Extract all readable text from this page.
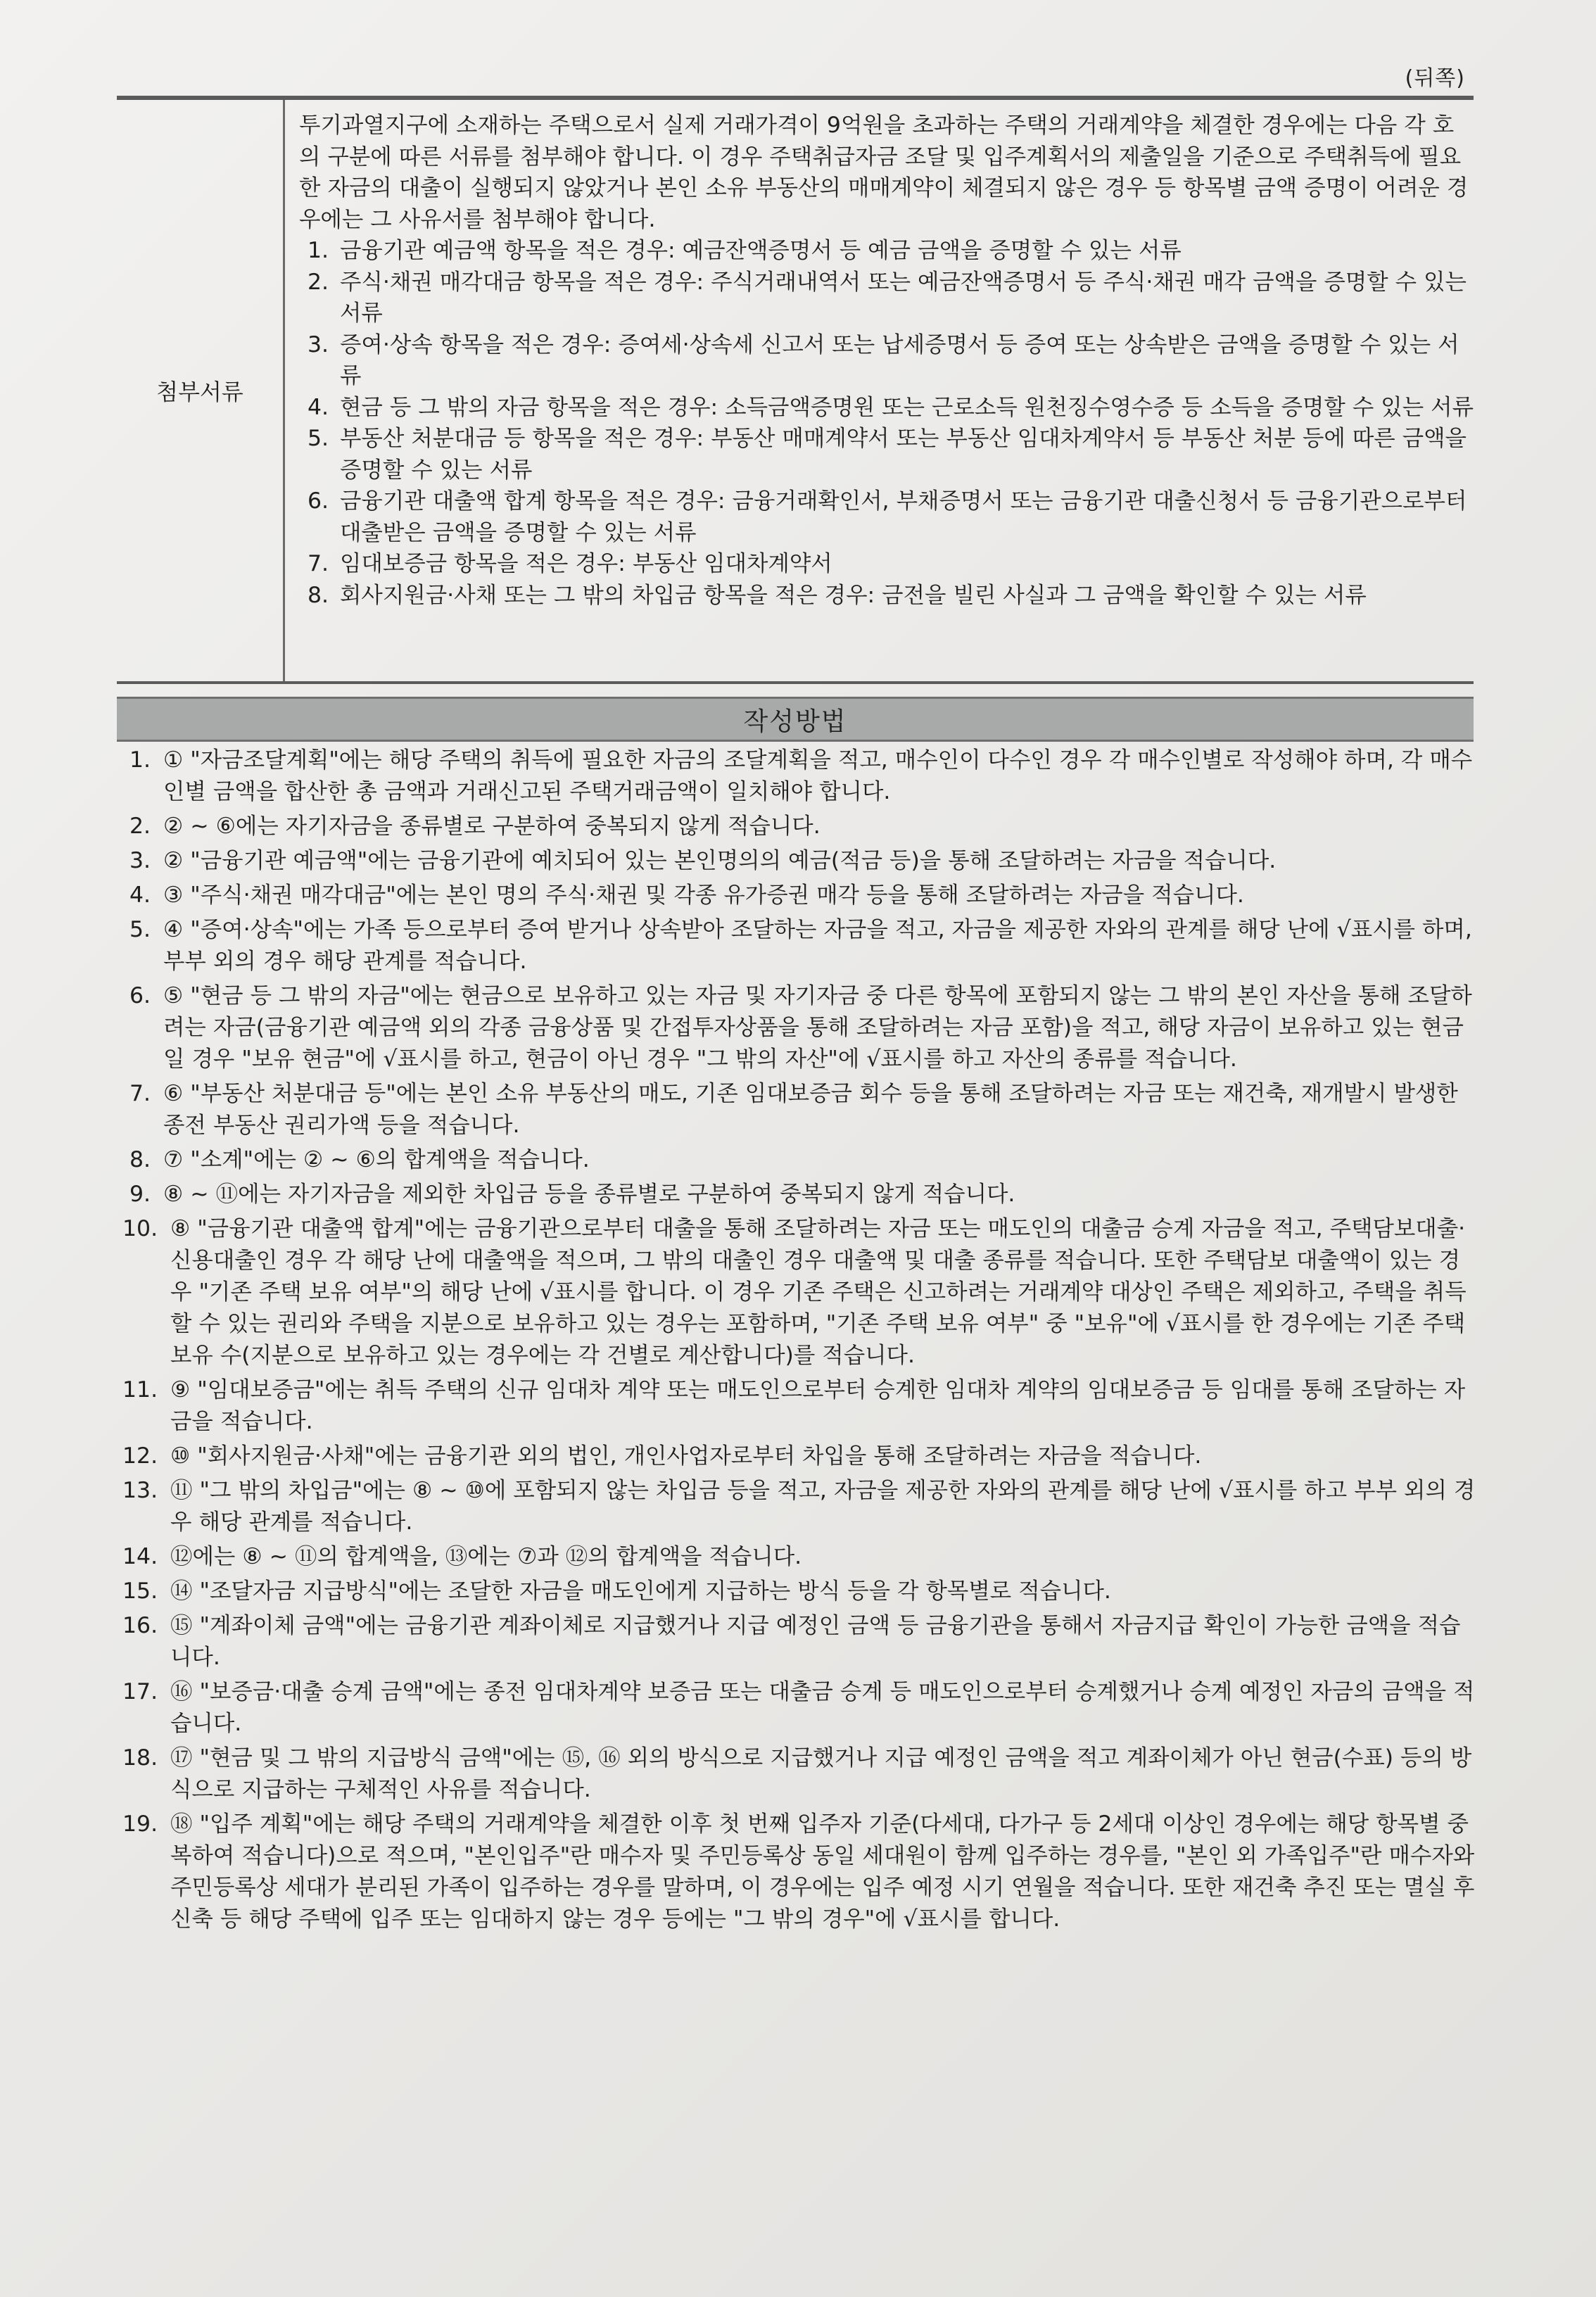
(뒤쪽)
첨부서류

투기과열지구에 소재하는 주택으로서 실제 거래가격이 9억원을 초과하는 주택의 거래계약을 체결한 경우에는 다음 각 호의 구분에 따른 서류를 첨부해야 합니다. 이 경우 주택취급자금 조달 및 입주계획서의 제출일을 기준으로 주택취득에 필요한 자금의 대출이 실행되지 않았거나 본인 소유 부동산의 매매계약이 체결되지 않은 경우 등 항목별 금액 증명이 어려운 경우에는 그 사유서를 첨부해야 합니다.

1. 금융기관 예금액 항목을 적은 경우: 예금잔액증명서 등 예금 금액을 증명할 수 있는 서류
2. 주식·채권 매각대금 항목을 적은 경우: 주식거래내역서 또는 예금잔액증명서 등 주식·채권 매각 금액을 증명할 수 있는 서류
3. 증여·상속 항목을 적은 경우: 증여세·상속세 신고서 또는 납세증명서 등 증여 또는 상속받은 금액을 증명할 수 있는 서류
4. 현금 등 그 밖의 자금 항목을 적은 경우: 소득금액증명원 또는 근로소득 원천징수영수증 등 소득을 증명할 수 있는 서류
5. 부동산 처분대금 등 항목을 적은 경우: 부동산 매매계약서 또는 부동산 임대차계약서 등 부동산 처분 등에 따른 금액을 증명할 수 있는 서류
6. 금융기관 대출액 합계 항목을 적은 경우: 금융거래확인서, 부채증명서 또는 금융기관 대출신청서 등 금융기관으로부터 대출받은 금액을 증명할 수 있는 서류
7. 임대보증금 항목을 적은 경우: 부동산 임대차계약서
8. 회사지원금·사채 또는 그 밖의 차입금 항목을 적은 경우: 금전을 빌린 사실과 그 금액을 확인할 수 있는 서류
작성방법
1. ① "자금조달계획"에는 해당 주택의 취득에 필요한 자금의 조달계획을 적고, 매수인이 다수인 경우 각 매수인별로 작성해야 하며, 각 매수인별 금액을 합산한 총 금액과 거래신고된 주택거래금액이 일치해야 합니다.
2. ② ~ ⑥에는 자기자금을 종류별로 구분하여 중복되지 않게 적습니다.
3. ② "금융기관 예금액"에는 금융기관에 예치되어 있는 본인명의의 예금(적금 등)을 통해 조달하려는 자금을 적습니다.
4. ③ "주식·채권 매각대금"에는 본인 명의 주식·채권 및 각종 유가증권 매각 등을 통해 조달하려는 자금을 적습니다.
5. ④ "증여·상속"에는 가족 등으로부터 증여 받거나 상속받아 조달하는 자금을 적고, 자금을 제공한 자와의 관계를 해당 난에 √표시를 하며, 부부 외의 경우 해당 관계를 적습니다.
6. ⑤ "현금 등 그 밖의 자금"에는 현금으로 보유하고 있는 자금 및 자기자금 중 다른 항목에 포함되지 않는 그 밖의 본인 자산을 통해 조달하려는 자금(금융기관 예금액 외의 각종 금융상품 및 간접투자상품을 통해 조달하려는 자금 포함)을 적고, 해당 자금이 보유하고 있는 현금일 경우 "보유 현금"에 √표시를 하고, 현금이 아닌 경우 "그 밖의 자산"에 √표시를 하고 자산의 종류를 적습니다.
7. ⑥ "부동산 처분대금 등"에는 본인 소유 부동산의 매도, 기존 임대보증금 회수 등을 통해 조달하려는 자금 또는 재건축, 재개발시 발생한 종전 부동산 권리가액 등을 적습니다.
8. ⑦ "소계"에는 ② ~ ⑥의 합계액을 적습니다.
9. ⑧ ~ ⑪에는 자기자금을 제외한 차입금 등을 종류별로 구분하여 중복되지 않게 적습니다.
10. ⑧ "금융기관 대출액 합계"에는 금융기관으로부터 대출을 통해 조달하려는 자금 또는 매도인의 대출금 승계 자금을 적고, 주택담보대출·신용대출인 경우 각 해당 난에 대출액을 적으며, 그 밖의 대출인 경우 대출액 및 대출 종류를 적습니다. 또한 주택담보 대출액이 있는 경우 "기존 주택 보유 여부"의 해당 난에 √표시를 합니다. 이 경우 기존 주택은 신고하려는 거래계약 대상인 주택은 제외하고, 주택을 취득할 수 있는 권리와 주택을 지분으로 보유하고 있는 경우는 포함하며, "기존 주택 보유 여부" 중 "보유"에 √표시를 한 경우에는 기존 주택 보유 수(지분으로 보유하고 있는 경우에는 각 건별로 계산합니다)를 적습니다.
11. ⑨ "임대보증금"에는 취득 주택의 신규 임대차 계약 또는 매도인으로부터 승계한 임대차 계약의 임대보증금 등 임대를 통해 조달하는 자금을 적습니다.
12. ⑩ "회사지원금·사채"에는 금융기관 외의 법인, 개인사업자로부터 차입을 통해 조달하려는 자금을 적습니다.
13. ⑪ "그 밖의 차입금"에는 ⑧ ~ ⑩에 포함되지 않는 차입금 등을 적고, 자금을 제공한 자와의 관계를 해당 난에 √표시를 하고 부부 외의 경우 해당 관계를 적습니다.
14. ⑫에는 ⑧ ~ ⑪의 합계액을, ⑬에는 ⑦과 ⑫의 합계액을 적습니다.
15. ⑭ "조달자금 지급방식"에는 조달한 자금을 매도인에게 지급하는 방식 등을 각 항목별로 적습니다.
16. ⑮ "계좌이체 금액"에는 금융기관 계좌이체로 지급했거나 지급 예정인 금액 등 금융기관을 통해서 자금지급 확인이 가능한 금액을 적습니다.
17. ⑯ "보증금·대출 승계 금액"에는 종전 임대차계약 보증금 또는 대출금 승계 등 매도인으로부터 승계했거나 승계 예정인 자금의 금액을 적습니다.
18. ⑰ "현금 및 그 밖의 지급방식 금액"에는 ⑮, ⑯ 외의 방식으로 지급했거나 지급 예정인 금액을 적고 계좌이체가 아닌 현금(수표) 등의 방식으로 지급하는 구체적인 사유를 적습니다.
19. ⑱ "입주 계획"에는 해당 주택의 거래계약을 체결한 이후 첫 번째 입주자 기준(다세대, 다가구 등 2세대 이상인 경우에는 해당 항목별 중복하여 적습니다)으로 적으며, "본인입주"란 매수자 및 주민등록상 동일 세대원이 함께 입주하는 경우를, "본인 외 가족입주"란 매수자와 주민등록상 세대가 분리된 가족이 입주하는 경우를 말하며, 이 경우에는 입주 예정 시기 연월을 적습니다. 또한 재건축 추진 또는 멸실 후 신축 등 해당 주택에 입주 또는 임대하지 않는 경우 등에는 "그 밖의 경우"에 √표시를 합니다.
